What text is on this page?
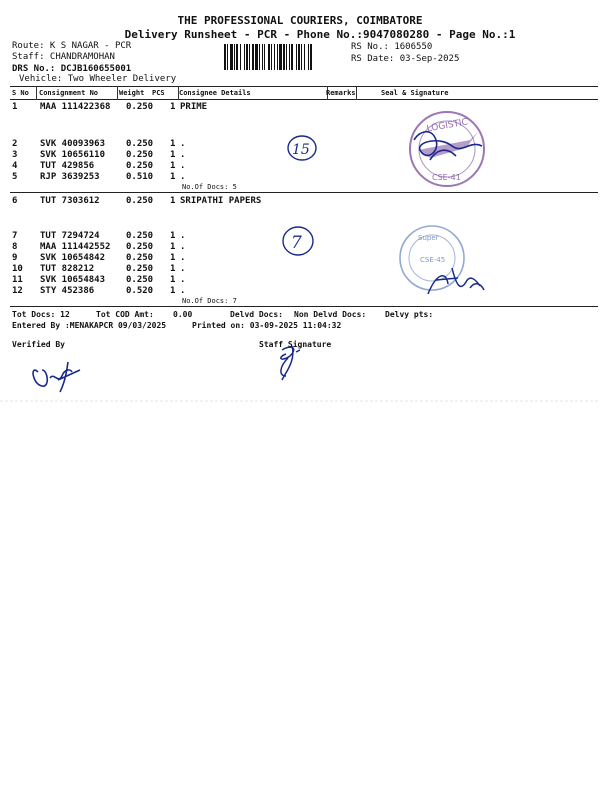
THE PROFESSIONAL COURIERS, COIMBATORE
Delivery Runsheet - PCR - Phone No.:9047080280 - Page No.:1
Route: K S NAGAR - PCR
Staff: CHANDRAMOHAN
DRS No.: DCJB160655001
Vehicle: Two Wheeler Delivery
RS No.: 1606550
RS Date: 03-Sep-2025
S No Consignment No	Weight PCS Consignee Details	Remarks	Seal & Signature
1	MAA 111422368 0.250 1 PRIME
2	SVK 40093963 0.250 1 .
3	SVK 10656110 0.250 1 .
4	TUT 429856	0.250 1 .
5	RJP 3639253	0.510 1 .
No.Of Docs: 5
6	TUT 7303612	0.250 1 SRIPATHI PAPERS
7	TUT 7294724	0.250 1 .
8	MAA 111442552 0.250 1 .
9	SVK 10654842 0.250 1 .
10 TUT 828212	0.250 1 .
11 SVK 10654843 0.250 1 .
12 STY 452386	0.520 1 .
No.Of Docs: 7
Tot Docs: 12	Tot COD Amt: 0.00	Delvd Docs: Non Delvd Docs: Delvy pts:
Entered By :MENAKAPCR 09/03/2025	Printed on: 03-09-2025 11:04:32
Verified By	Staff Signature
15
7
LOGISTIC
CSE-41
Super
CSE-45
